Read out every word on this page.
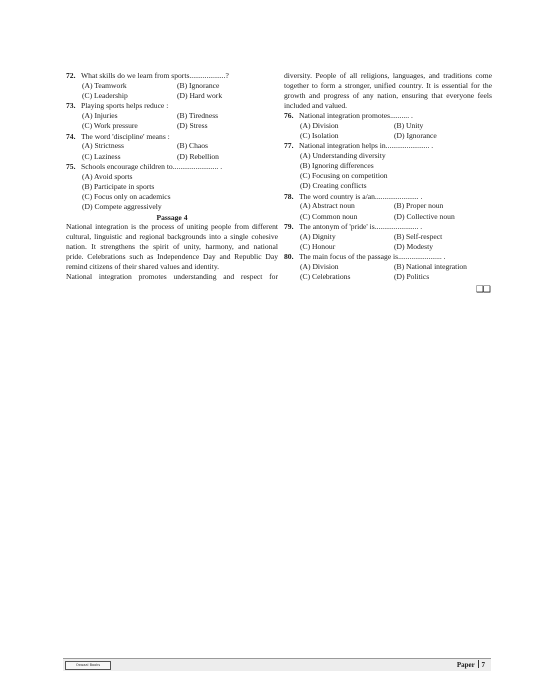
72. What skills do we learn from sports...................?
(A) Teamwork	(B) Ignorance
(C) Leadership	(D) Hard work
73. Playing sports helps reduce :
(A) Injuries	(B) Tiredness
(C) Work pressure	(D) Stress
74. The word 'discipline' means :
(A) Strictness	(B) Chaos
(C) Laziness	(D) Rebellion
75. Schools encourage children to........................ .
(A) Avoid sports
(B) Participate in sports
(C) Focus only on academics
(D) Compete aggressively
Passage 4
National integration is the process of uniting people from different
cultural, linguistic and regional backgrounds into a single cohesive
nation. It strengthens the spirit of unity, harmony, and national
pride. Celebrations such as Independence Day and Republic Day
remind citizens of their shared values and identity.
National integration promotes understanding and respect for
diversity. People of all religions, languages, and traditions come
together to form a stronger, unified country. It is essential for the
growth and progress of any nation, ensuring that everyone feels
included and valued.
76. National integration promotes.......... .
(A) Division	(B) Unity
(C) Isolation	(D) Ignorance
77. National integration helps in....................... .
(A) Understanding diversity
(B) Ignoring differences
(C) Focusing on competition
(D) Creating conflicts
78. The word country is a/an....................... .
(A) Abstract noun	(B) Proper noun
(C) Common noun	(D) Collective noun
79. The antonym of 'pride' is....................... .
(A) Dignity	(B) Self-respect
(C) Honour	(D) Modesty
80. The main focus of the passage is....................... .
(A) Division	(B) National integration
(C) Celebrations	(D) Politics
❑❑
Oswaal Books	Paper 7
